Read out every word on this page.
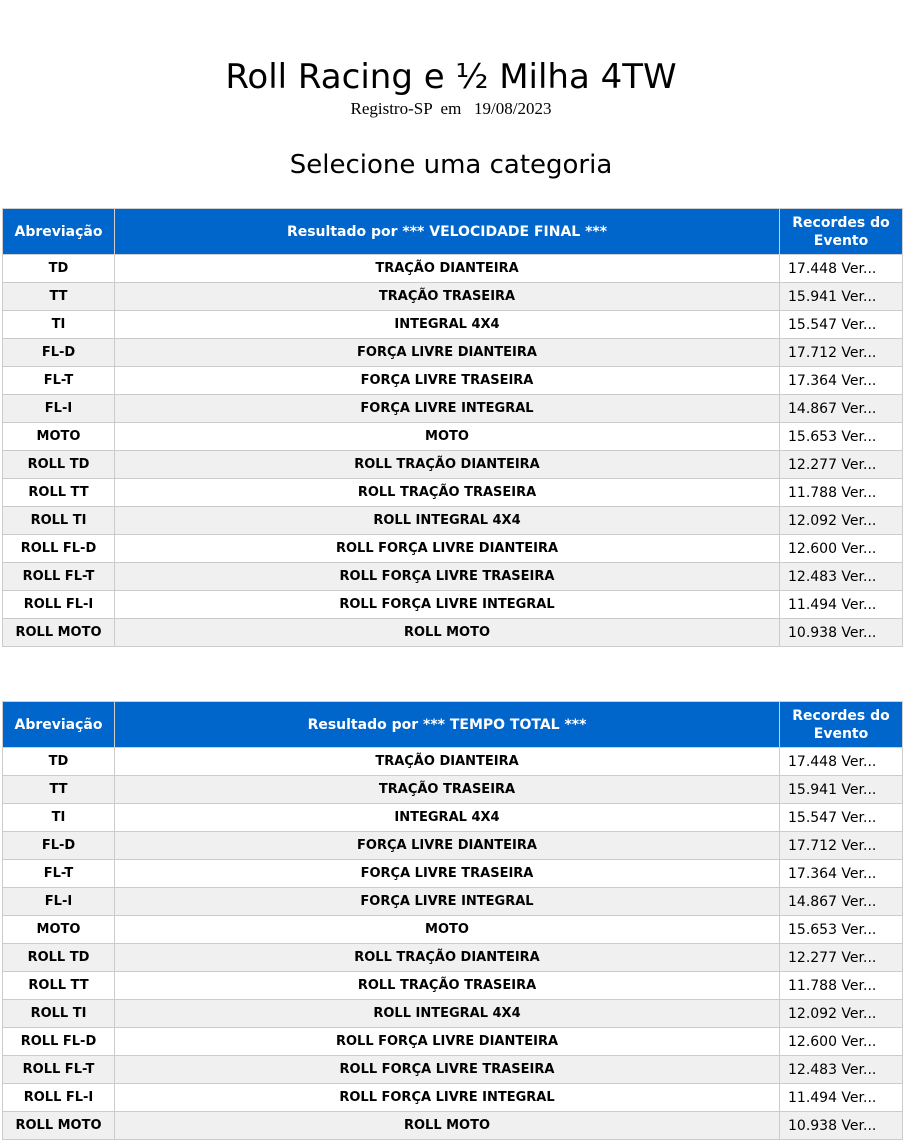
Roll Racing e ½ Milha 4TW
Registro-SP  em   19/08/2023
Selecione uma categoria
Abreviação	Resultado por *** VELOCIDADE FINAL ***	Recordes do Evento
TD	TRAÇÃO DIANTEIRA	17.448 Ver...
TT	TRAÇÃO TRASEIRA	15.941 Ver...
TI	INTEGRAL 4X4	15.547 Ver...
FL-D	FORÇA LIVRE DIANTEIRA	17.712 Ver...
FL-T	FORÇA LIVRE TRASEIRA	17.364 Ver...
FL-I	FORÇA LIVRE INTEGRAL	14.867 Ver...
MOTO	MOTO	15.653 Ver...
ROLL TD	ROLL TRAÇÃO DIANTEIRA	12.277 Ver...
ROLL TT	ROLL TRAÇÃO TRASEIRA	11.788 Ver...
ROLL TI	ROLL INTEGRAL 4X4	12.092 Ver...
ROLL FL-D	ROLL FORÇA LIVRE DIANTEIRA	12.600 Ver...
ROLL FL-T	ROLL FORÇA LIVRE TRASEIRA	12.483 Ver...
ROLL FL-I	ROLL FORÇA LIVRE INTEGRAL	11.494 Ver...
ROLL MOTO	ROLL MOTO	10.938 Ver...
Abreviação	Resultado por *** TEMPO TOTAL ***	Recordes do Evento
TD	TRAÇÃO DIANTEIRA	17.448 Ver...
TT	TRAÇÃO TRASEIRA	15.941 Ver...
TI	INTEGRAL 4X4	15.547 Ver...
FL-D	FORÇA LIVRE DIANTEIRA	17.712 Ver...
FL-T	FORÇA LIVRE TRASEIRA	17.364 Ver...
FL-I	FORÇA LIVRE INTEGRAL	14.867 Ver...
MOTO	MOTO	15.653 Ver...
ROLL TD	ROLL TRAÇÃO DIANTEIRA	12.277 Ver...
ROLL TT	ROLL TRAÇÃO TRASEIRA	11.788 Ver...
ROLL TI	ROLL INTEGRAL 4X4	12.092 Ver...
ROLL FL-D	ROLL FORÇA LIVRE DIANTEIRA	12.600 Ver...
ROLL FL-T	ROLL FORÇA LIVRE TRASEIRA	12.483 Ver...
ROLL FL-I	ROLL FORÇA LIVRE INTEGRAL	11.494 Ver...
ROLL MOTO	ROLL MOTO	10.938 Ver...
